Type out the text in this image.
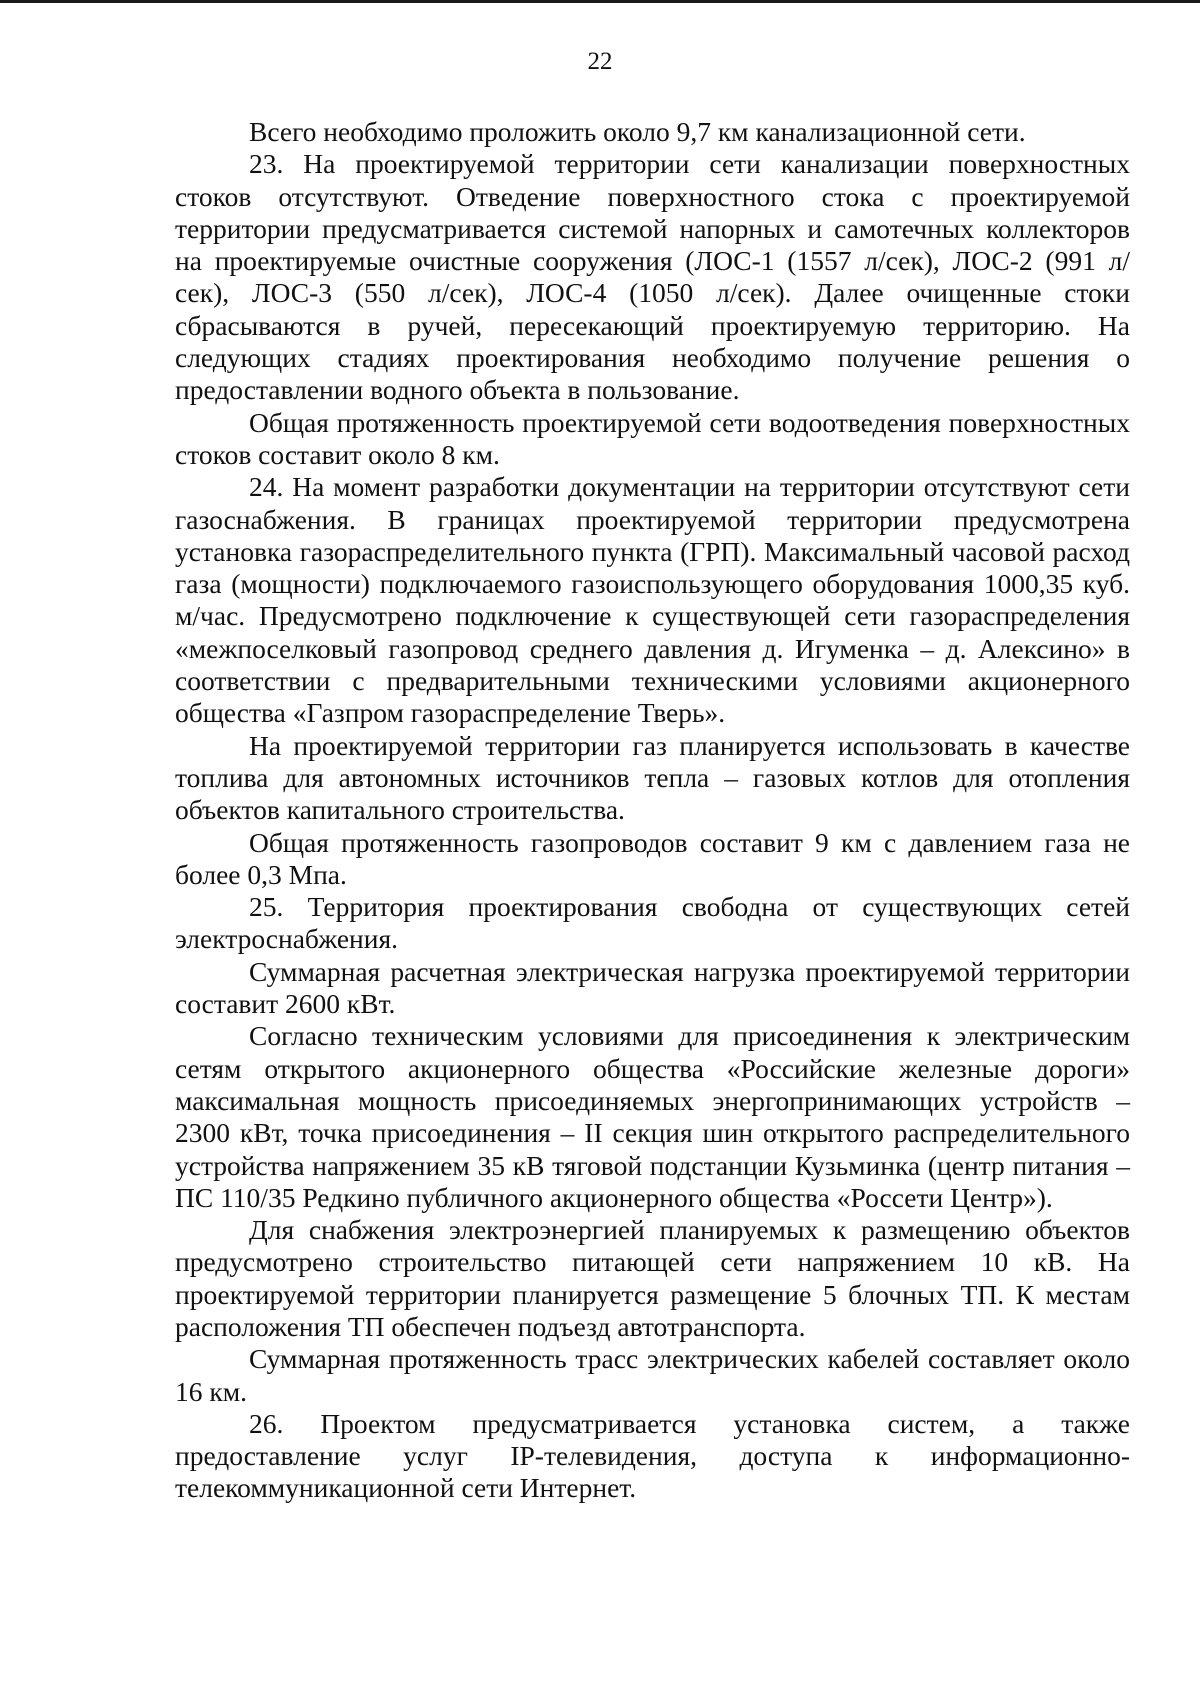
22

Всего необходимо проложить около 9,7 км канализационной сети.

23. На проектируемой территории сети канализации поверхностных стоков отсутствуют. Отведение поверхностного стока с проектируемой территории предусматривается системой напорных и самотечных коллекторов на проектируемые очистные сооружения (ЛОС-1 (1557 л/сек), ЛОС-2 (991 л/сек), ЛОС-3 (550 л/сек), ЛОС-4 (1050 л/сек). Далее очищенные стоки сбрасываются в ручей, пересекающий проектируемую территорию. На следующих стадиях проектирования необходимо получение решения о предоставлении водного объекта в пользование.

Общая протяженность проектируемой сети водоотведения поверхностных стоков составит около 8 км.

24. На момент разработки документации на территории отсутствуют сети газоснабжения. В границах проектируемой территории предусмотрена установка газораспределительного пункта (ГРП). Максимальный часовой расход газа (мощности) подключаемого газоиспользующего оборудования 1000,35 куб. м/час. Предусмотрено подключение к существующей сети газораспределения «межпоселковый газопровод среднего давления д. Игуменка – д. Алексино» в соответствии с предварительными техническими условиями акционерного общества «Газпром газораспределение Тверь».

На проектируемой территории газ планируется использовать в качестве топлива для автономных источников тепла – газовых котлов для отопления объектов капитального строительства.

Общая протяженность газопроводов составит 9 км с давлением газа не более 0,3 Мпа.

25. Территория проектирования свободна от существующих сетей электроснабжения.

Суммарная расчетная электрическая нагрузка проектируемой территории составит 2600 кВт.

Согласно техническим условиями для присоединения к электрическим сетям открытого акционерного общества «Российские железные дороги» максимальная мощность присоединяемых энергопринимающих устройств – 2300 кВт, точка присоединения – II секция шин открытого распределительного устройства напряжением 35 кВ тяговой подстанции Кузьминка (центр питания – ПС 110/35 Редкино публичного акционерного общества «Россети Центр»).

Для снабжения электроэнергией планируемых к размещению объектов предусмотрено строительство питающей сети напряжением 10 кВ. На проектируемой территории планируется размещение 5 блочных ТП. К местам расположения ТП обеспечен подъезд автотранспорта.

Суммарная протяженность трасс электрических кабелей составляет около 16 км.

26. Проектом предусматривается установка систем, а также предоставление услуг IP-телевидения, доступа к информационно-телекоммуникационной сети Интернет.
